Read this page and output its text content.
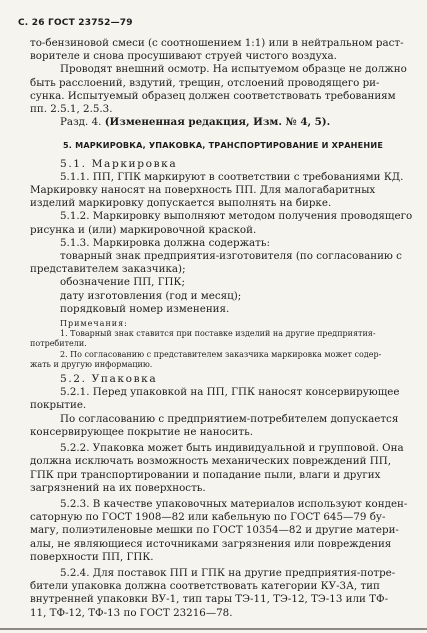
С. 26 ГОСТ 23752—79

то-бензиновой смеси (с соотношением 1:1) или в нейтральном раст-

ворителе и снова просушивают струей чистого воздуха.

Проводят внешний осмотр. На испытуемом образце не должно

быть расслоений, вздутий, трещин, отслоений проводящего ри-

сунка. Испытуемый образец должен соответствовать требованиям

пп. 2.5.1, 2.5.3.

Разд. 4. (Измененная редакция, Изм. № 4, 5).

5. МАРКИРОВКА, УПАКОВКА, ТРАНСПОРТИРОВАНИЕ И ХРАНЕНИЕ

5.1. Маркировка

5.1.1. ПП, ГПК маркируют в соответствии с требованиями КД.

Маркировку наносят на поверхность ПП. Для малогабаритных

изделий маркировку допускается выполнять на бирке.

5.1.2. Маркировку выполняют методом получения проводящего

рисунка и (или) маркировочной краской.

5.1.3. Маркировка должна содержать:

товарный знак предприятия-изготовителя (по согласованию с

представителем заказчика);

обозначение ПП, ГПК;

дату изготовления (год и месяц);

порядковый номер изменения.

Примечания:

1. Товарный знак ставится при поставке изделий на другие предприятия-

потребители.

2. По согласованию с представителем заказчика маркировка может содер-

жать и другую информацию.

5.2. Упаковка

5.2.1. Перед упаковкой на ПП, ГПК наносят консервирующее

покрытие.

По согласованию с предприятием-потребителем допускается

консервирующее покрытие не наносить.

5.2.2. Упаковка может быть индивидуальной и групповой. Она

должна исключать возможность механических повреждений ПП,

ГПК при транспортировании и попадание пыли, влаги и других

загрязнений на их поверхность.

5.2.3. В качестве упаковочных материалов используют конден-

саторную по ГОСТ 1908—82 или кабельную по ГОСТ 645—79 бу-

магу, полиэтиленовые мешки по ГОСТ 10354—82 и другие матери-

алы, не являющиеся источниками загрязнения или повреждения

поверхности ПП, ГПК.

5.2.4. Для поставок ПП и ГПК на другие предприятия-потре-

бители упаковка должна соответствовать категории КУ-3А, тип

внутренней упаковки ВУ-1, тип тары ТЭ-11, ТЭ-12, ТЭ-13 или ТФ-

11, ТФ-12, ТФ-13 по ГОСТ 23216—78.
